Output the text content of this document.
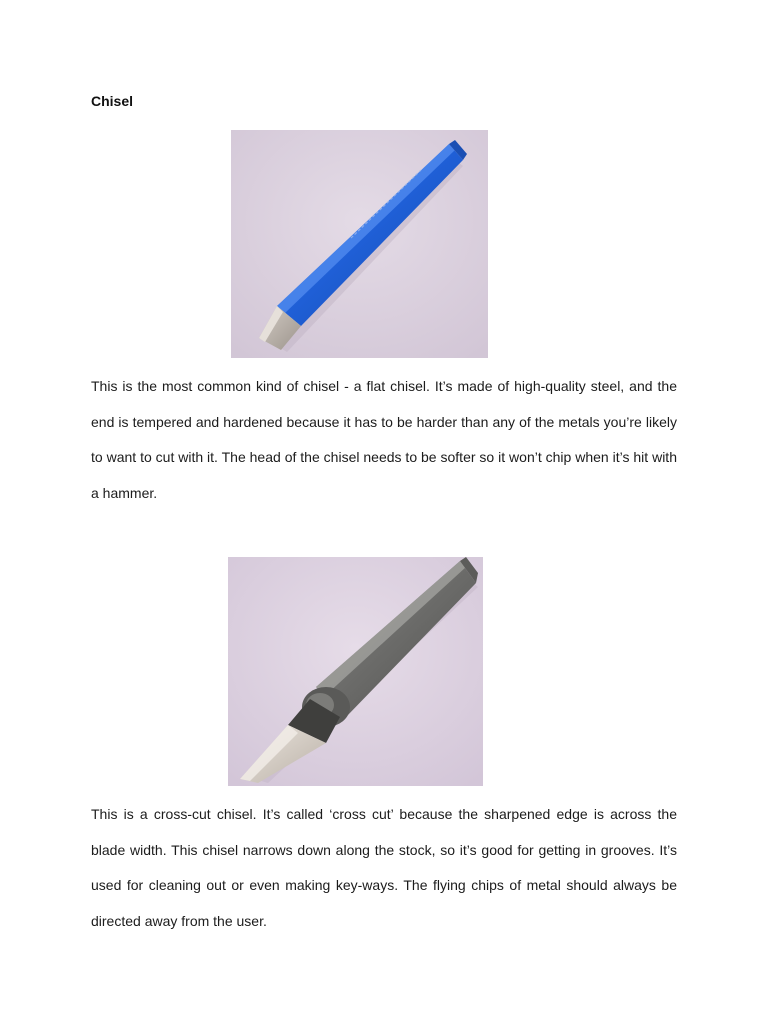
Chisel

This is the most common kind of chisel - a flat chisel. It’s made of high-quality steel, and the end is tempered and hardened because it has to be harder than any of the metals you’re likely to want to cut with it. The head of the chisel needs to be softer so it won’t chip when it’s hit with a hammer.

This is a cross-cut chisel. It’s called ‘cross cut’ because the sharpened edge is across the blade width. This chisel narrows down along the stock, so it’s good for getting in grooves. It’s used for cleaning out or even making key-ways. The flying chips of metal should always be directed away from the user.
